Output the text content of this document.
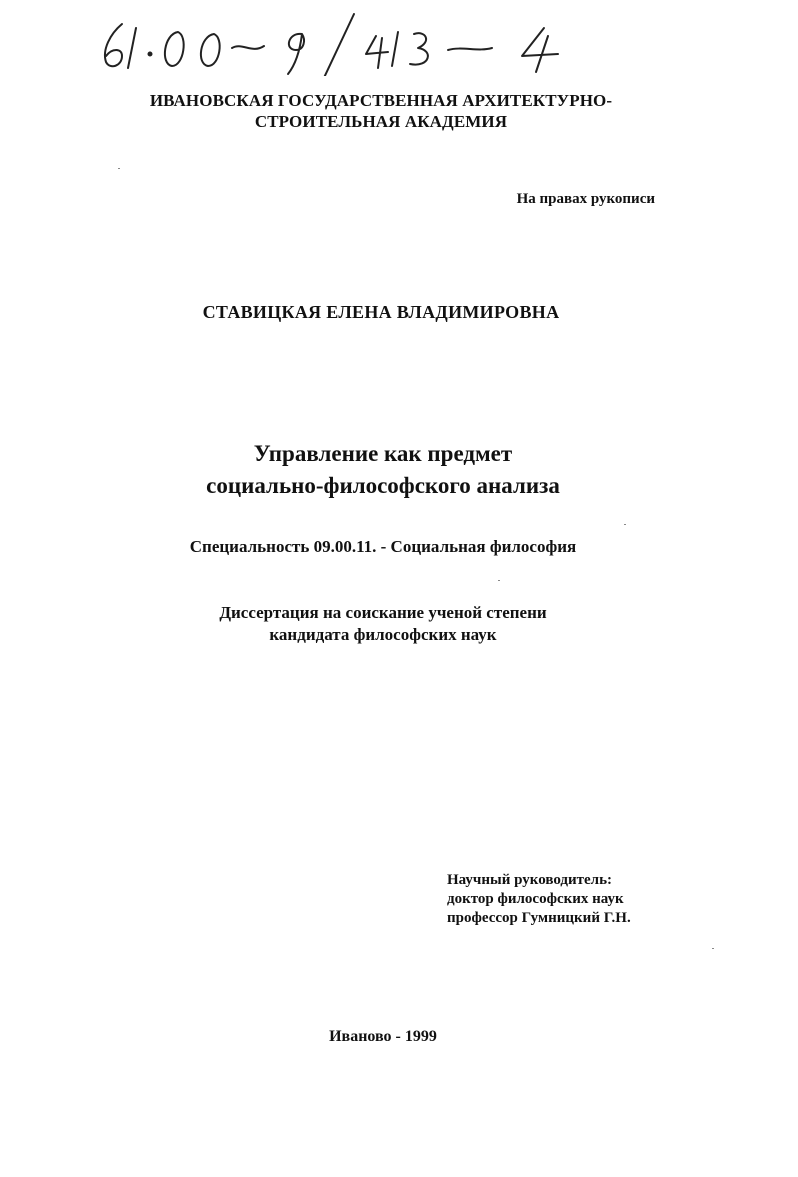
ИВАНОВСКАЯ ГОСУДАРСТВЕННАЯ АРХИТЕКТУРНО-
СТРОИТЕЛЬНАЯ АКАДЕМИЯ
На правах рукописи
СТАВИЦКАЯ ЕЛЕНА ВЛАДИМИРОВНА
Управление как предмет
социально-философского анализа
Специальность 09.00.11. - Социальная философия
Диссертация на соискание ученой степени
кандидата философских наук
Научный руководитель:
доктор философских наук
профессор Гумницкий Г.Н.
Иваново - 1999
